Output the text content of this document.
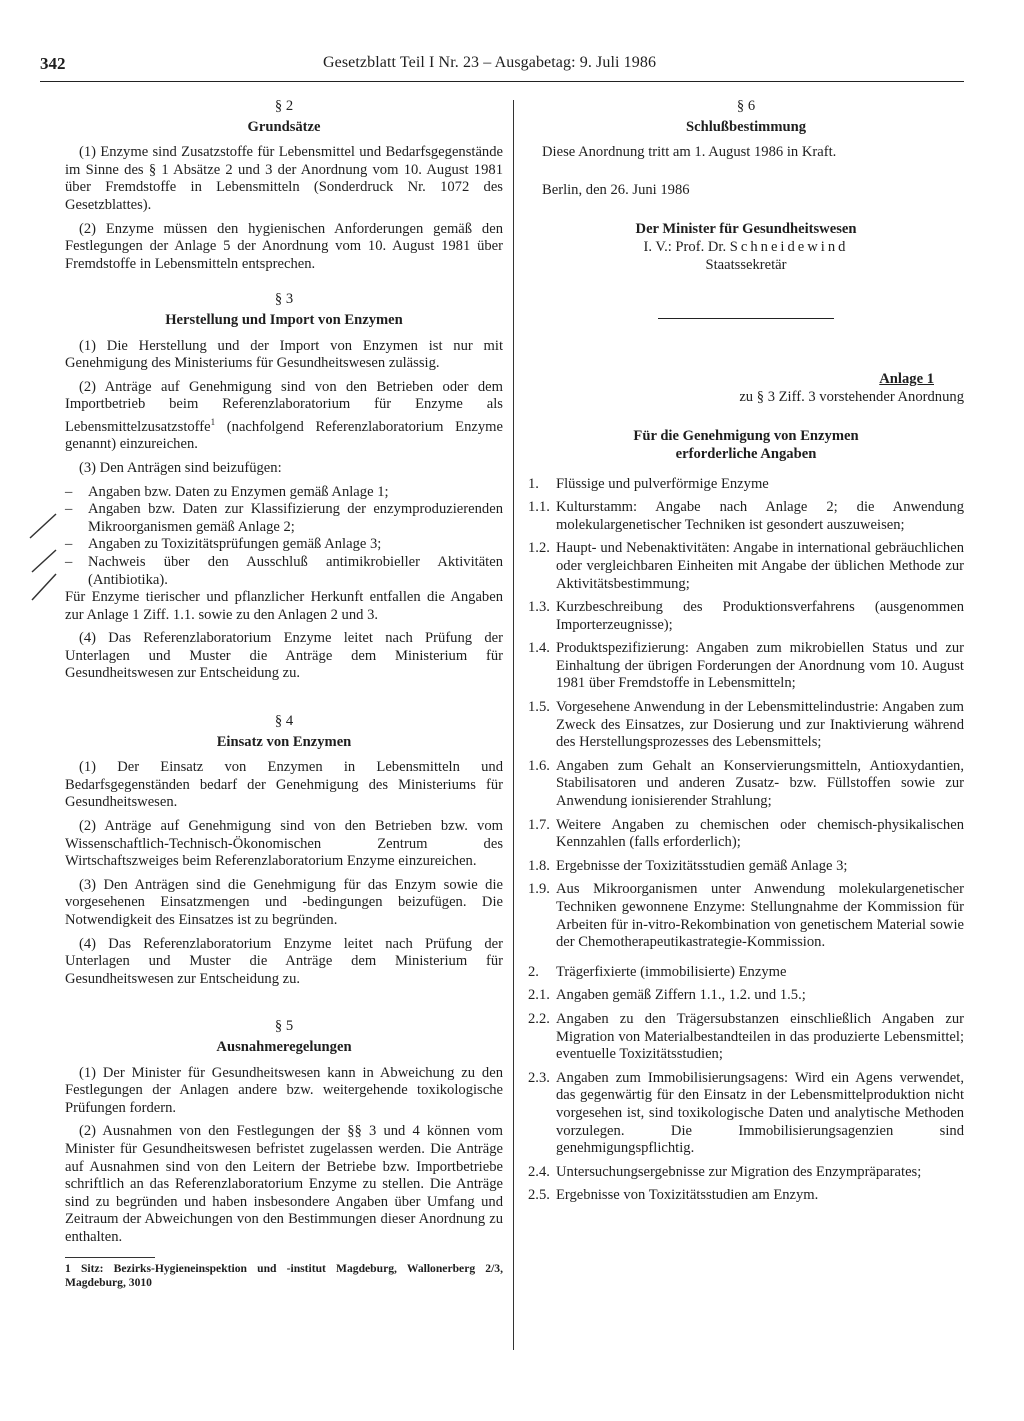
342	Gesetzblatt Teil I Nr. 23 – Ausgabetag: 9. Juli 1986

§ 2

Grundsätze

(1) Enzyme sind Zusatzstoffe für Lebensmittel und Bedarfsgegenstände im Sinne des § 1 Absätze 2 und 3 der Anordnung vom 10. August 1981 über Fremdstoffe in Lebensmitteln (Sonderdruck Nr. 1072 des Gesetzblattes).

(2) Enzyme müssen den hygienischen Anforderungen gemäß den Festlegungen der Anlage 5 der Anordnung vom 10. August 1981 über Fremdstoffe in Lebensmitteln entsprechen.

§ 3

Herstellung und Import von Enzymen

(1) Die Herstellung und der Import von Enzymen ist nur mit Genehmigung des Ministeriums für Gesundheitswesen zulässig.

(2) Anträge auf Genehmigung sind von den Betrieben oder dem Importbetrieb beim Referenzlaboratorium für Enzyme als Lebensmittelzusatzstoffe$^1$ (nachfolgend Referenzlaboratorium Enzyme genannt) einzureichen.

(3) Den Anträgen sind beizufügen:

– Angaben bzw. Daten zu Enzymen gemäß Anlage 1;
– Angaben bzw. Daten zur Klassifizierung der enzymproduzierenden Mikroorganismen gemäß Anlage 2;
– Angaben zu Toxizitätsprüfungen gemäß Anlage 3;
– Nachweis über den Ausschluß antimikrobieller Aktivitäten (Antibiotika).

Für Enzyme tierischer und pflanzlicher Herkunft entfallen die Angaben zur Anlage 1 Ziff. 1.1. sowie zu den Anlagen 2 und 3.

(4) Das Referenzlaboratorium Enzyme leitet nach Prüfung der Unterlagen und Muster die Anträge dem Ministerium für Gesundheitswesen zur Entscheidung zu.

§ 4

Einsatz von Enzymen

(1) Der Einsatz von Enzymen in Lebensmitteln und Bedarfsgegenständen bedarf der Genehmigung des Ministeriums für Gesundheitswesen.

(2) Anträge auf Genehmigung sind von den Betrieben bzw. vom Wissenschaftlich-Technisch-Ökonomischen Zentrum des Wirtschaftszweiges beim Referenzlaboratorium Enzyme einzureichen.

(3) Den Anträgen sind die Genehmigung für das Enzym sowie die vorgesehenen Einsatzmengen und -bedingungen beizufügen. Die Notwendigkeit des Einsatzes ist zu begründen.

(4) Das Referenzlaboratorium Enzyme leitet nach Prüfung der Unterlagen und Muster die Anträge dem Ministerium für Gesundheitswesen zur Entscheidung zu.

§ 5

Ausnahmeregelungen

(1) Der Minister für Gesundheitswesen kann in Abweichung zu den Festlegungen der Anlagen andere bzw. weitergehende toxikologische Prüfungen fordern.

(2) Ausnahmen von den Festlegungen der §§ 3 und 4 können vom Minister für Gesundheitswesen befristet zugelassen werden. Die Anträge auf Ausnahmen sind von den Leitern der Betriebe bzw. Importbetriebe schriftlich an das Referenzlaboratorium Enzyme zu stellen. Die Anträge sind zu begründen und haben insbesondere Angaben über Umfang und Zeitraum der Abweichungen von den Bestimmungen dieser Anordnung zu enthalten.

1 Sitz: Bezirks-Hygieneinspektion und -institut Magdeburg, Wallonerberg 2/3, Magdeburg, 3010

§ 6

Schlußbestimmung

Diese Anordnung tritt am 1. August 1986 in Kraft.

Berlin, den 26. Juni 1986

Der Minister für Gesundheitswesen

I. V.: Prof. Dr. Schneidewind

Staatssekretär

Anlage 1

zu § 3 Ziff. 3 vorstehender Anordnung

Für die Genehmigung von Enzymen

erforderliche Angaben

1.	Flüssige und pulverförmige Enzyme
1.1. Kulturstamm: Angabe nach Anlage 2; die Anwendung molekulargenetischer Techniken ist gesondert auszuweisen;
1.2. Haupt- und Nebenaktivitäten: Angabe in international gebräuchlichen oder vergleichbaren Einheiten mit Angabe der üblichen Methode zur Aktivitätsbestimmung;
1.3. Kurzbeschreibung des Produktionsverfahrens (ausgenommen Importerzeugnisse);
1.4. Produktspezifizierung: Angaben zum mikrobiellen Status und zur Einhaltung der übrigen Forderungen der Anordnung vom 10. August 1981 über Fremdstoffe in Lebensmitteln;
1.5. Vorgesehene Anwendung in der Lebensmittelindustrie: Angaben zum Zweck des Einsatzes, zur Dosierung und zur Inaktivierung während des Herstellungsprozesses des Lebensmittels;
1.6. Angaben zum Gehalt an Konservierungsmitteln, Antioxydantien, Stabilisatoren und anderen Zusatz- bzw. Füllstoffen sowie zur Anwendung ionisierender Strahlung;
1.7. Weitere Angaben zu chemischen oder chemisch-physikalischen Kennzahlen (falls erforderlich);
1.8. Ergebnisse der Toxizitätsstudien gemäß Anlage 3;
1.9. Aus Mikroorganismen unter Anwendung molekulargenetischer Techniken gewonnene Enzyme: Stellungnahme der Kommission für Arbeiten für in-vitro-Rekombination von genetischem Material sowie der Chemotherapeutikastrategie-Kommission.
2.	Trägerfixierte (immobilisierte) Enzyme
2.1. Angaben gemäß Ziffern 1.1., 1.2. und 1.5.;
2.2. Angaben zu den Trägersubstanzen einschließlich Angaben zur Migration von Materialbestandteilen in das produzierte Lebensmittel; eventuelle Toxizitätsstudien;
2.3. Angaben zum Immobilisierungsagens: Wird ein Agens verwendet, das gegenwärtig für den Einsatz in der Lebensmittelproduktion nicht vorgesehen ist, sind toxikologische Daten und analytische Methoden vorzulegen. Die Immobilisierungsagenzien sind genehmigungspflichtig.
2.4. Untersuchungsergebnisse zur Migration des Enzympräparates;
2.5. Ergebnisse von Toxizitätsstudien am Enzym.
